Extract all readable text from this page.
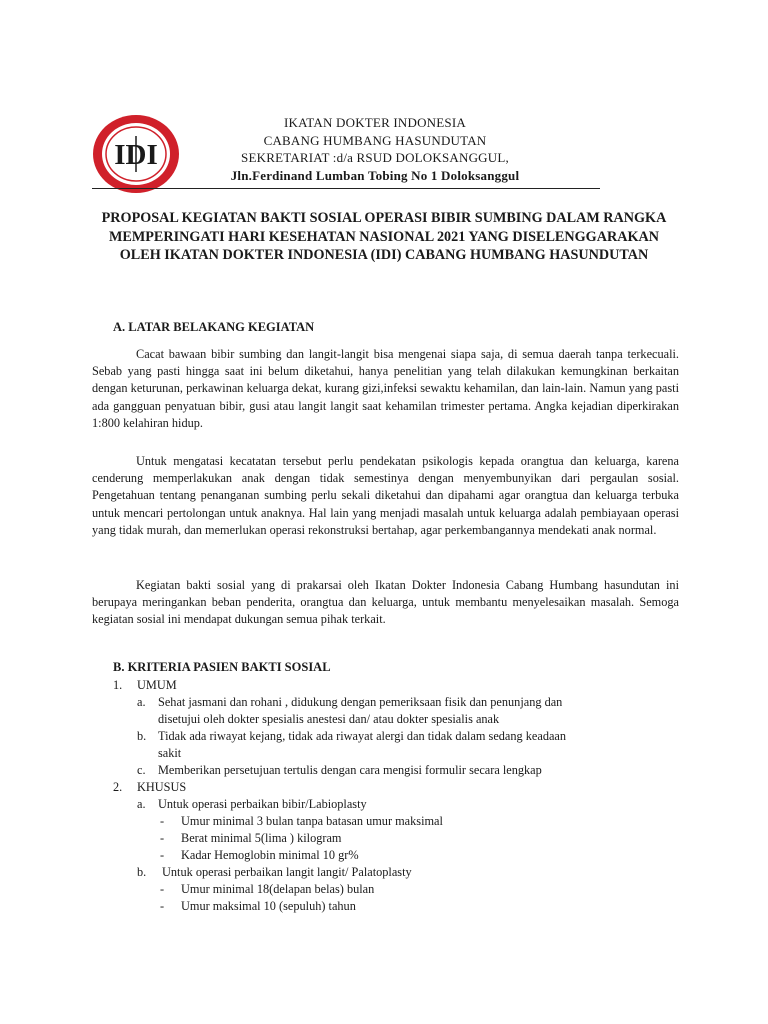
IDI
IKATAN DOKTER INDONESIA
CABANG HUMBANG HASUNDUTAN
SEKRETARIAT :d/a RSUD DOLOKSANGGUL,
Jln.Ferdinand Lumban Tobing No 1 Doloksanggul
PROPOSAL KEGIATAN BAKTI SOSIAL OPERASI BIBIR SUMBING DALAM RANGKA MEMPERINGATI HARI KESEHATAN NASIONAL 2021 YANG DISELENGGARAKAN OLEH IKATAN DOKTER INDONESIA (IDI) CABANG HUMBANG HASUNDUTAN
A. LATAR BELAKANG KEGIATAN
Cacat bawaan bibir sumbing dan langit-langit bisa mengenai siapa saja, di semua daerah tanpa terkecuali. Sebab yang pasti hingga saat ini belum diketahui, hanya penelitian yang telah dilakukan kemungkinan berkaitan dengan keturunan, perkawinan keluarga dekat, kurang gizi,infeksi sewaktu kehamilan, dan lain-lain. Namun yang pasti ada gangguan penyatuan bibir, gusi atau langit langit saat kehamilan trimester pertama. Angka kejadian diperkirakan 1:800 kelahiran hidup.
Untuk mengatasi kecatatan tersebut perlu pendekatan psikologis kepada orangtua dan keluarga, karena cenderung memperlakukan anak dengan tidak semestinya dengan menyembunyikan dari pergaulan sosial. Pengetahuan tentang penanganan sumbing perlu sekali diketahui dan dipahami agar orangtua dan keluarga terbuka untuk mencari pertolongan untuk anaknya. Hal lain yang menjadi masalah untuk keluarga adalah pembiayaan operasi yang tidak murah, dan memerlukan operasi rekonstruksi bertahap, agar perkembangannya mendekati anak normal.
Kegiatan bakti sosial yang di prakarsai oleh Ikatan Dokter Indonesia Cabang Humbang hasundutan ini berupaya meringankan beban penderita, orangtua dan keluarga, untuk membantu menyelesaikan masalah. Semoga kegiatan sosial ini mendapat dukungan semua pihak terkait.
B. KRITERIA PASIEN BAKTI SOSIAL
1. UMUM
a. Sehat jasmani dan rohani , didukung dengan pemeriksaan fisik dan penunjang dan
disetujui oleh dokter spesialis anestesi dan/ atau dokter spesialis anak
b. Tidak ada riwayat kejang, tidak ada riwayat alergi dan tidak dalam sedang keadaan
sakit
c. Memberikan persetujuan tertulis dengan cara mengisi formulir secara lengkap
2. KHUSUS
a. Untuk operasi perbaikan bibir/Labioplasty
- Umur minimal 3 bulan tanpa batasan umur maksimal
- Berat minimal 5(lima ) kilogram
- Kadar Hemoglobin minimal 10 gr%
b. Untuk operasi perbaikan langit langit/ Palatoplasty
- Umur minimal 18(delapan belas) bulan
- Umur maksimal 10 (sepuluh) tahun
